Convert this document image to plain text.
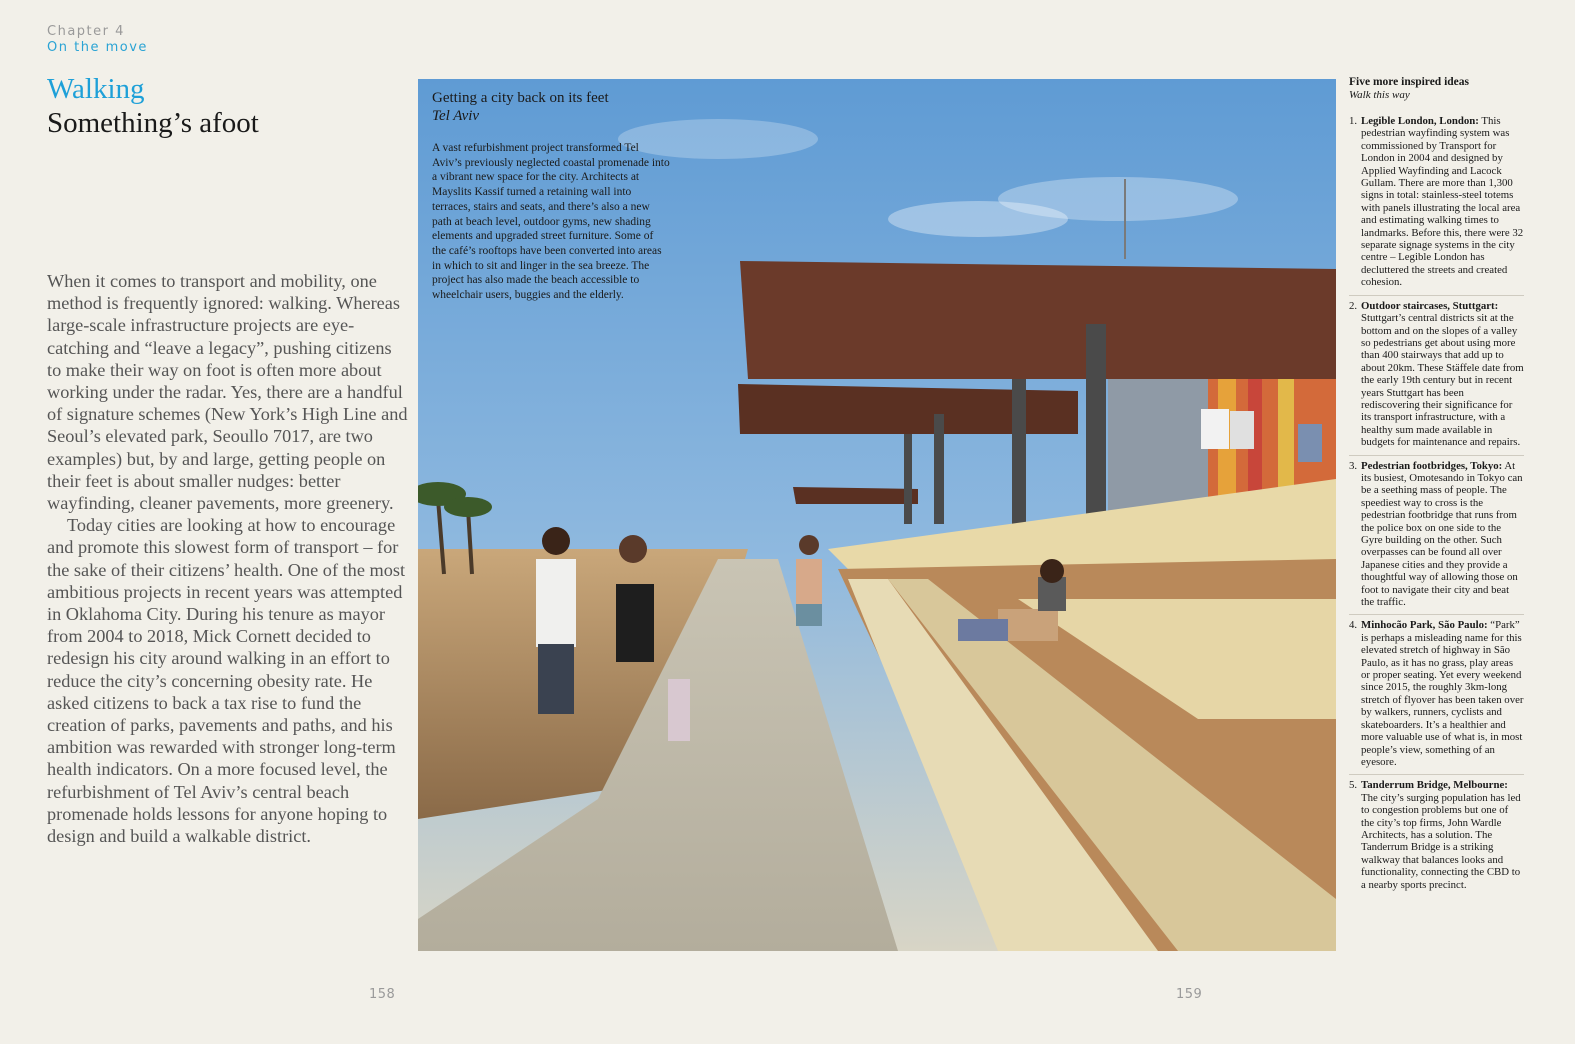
Chapter 4
On the move
Walking
Something’s afoot

When it comes to transport and mobility, one method is frequently ignored: walking. Whereas large-scale infrastructure projects are eye-catching and “leave a legacy”, pushing citizens to make their way on foot is often more about working under the radar. Yes, there are a handful of signature schemes (New York’s High Line and Seoul’s elevated park, Seoullo 7017, are two examples) but, by and large, getting people on their feet is about smaller nudges: better wayfinding, cleaner pavements, more greenery.

Today cities are looking at how to encourage and promote this slowest form of transport – for the sake of their citizens’ health. One of the most ambitious projects in recent years was attempted in Oklahoma City. During his tenure as mayor from 2004 to 2018, Mick Cornett decided to redesign his city around walking in an effort to reduce the city’s concerning obesity rate. He asked citizens to back a tax rise to fund the creation of parks, pavements and paths, and his ambition was rewarded with stronger long-term health indicators. On a more focused level, the refurbishment of Tel Aviv’s central beach promenade holds lessons for anyone hoping to design and build a walkable district.

Getting a city back on its feet
Tel Aviv
A vast refurbishment project transformed Tel Aviv’s previously neglected coastal promenade into a vibrant new space for the city. Architects at Mayslits Kassif turned a retaining wall into terraces, stairs and seats, and there’s also a new path at beach level, outdoor gyms, new shading elements and upgraded street furniture. Some of the café’s rooftops have been converted into areas in which to sit and linger in the sea breeze. The project has also made the beach accessible to wheelchair users, buggies and the elderly.
Five more inspired ideas
Walk this way
1. Legible London, London: This pedestrian wayfinding system was commissioned by Transport for London in 2004 and designed by Applied Wayfinding and Lacock Gullam. There are more than 1,300 signs in total: stainless-steel totems with panels illustrating the local area and estimating walking times to landmarks. Before this, there were 32 separate signage systems in the city centre – Legible London has decluttered the streets and created cohesion.
2. Outdoor staircases, Stuttgart: Stuttgart’s central districts sit at the bottom and on the slopes of a valley so pedestrians get about using more than 400 stairways that add up to about 20km. These Stäffele date from the early 19th century but in recent years Stuttgart has been rediscovering their significance for its transport infrastructure, with a healthy sum made available in budgets for maintenance and repairs.
3. Pedestrian footbridges, Tokyo: At its busiest, Omotesando in Tokyo can be a seething mass of people. The speediest way to cross is the pedestrian footbridge that runs from the police box on one side to the Gyre building on the other. Such overpasses can be found all over Japanese cities and they provide a thoughtful way of allowing those on foot to navigate their city and beat the traffic.
4. Minhocão Park, São Paulo: “Park” is perhaps a misleading name for this elevated stretch of highway in São Paulo, as it has no grass, play areas or proper seating. Yet every weekend since 2015, the roughly 3km-long stretch of flyover has been taken over by walkers, runners, cyclists and skateboarders. It’s a healthier and more valuable use of what is, in most people’s view, something of an eyesore.
5. Tanderrum Bridge, Melbourne: The city’s surging population has led to congestion problems but one of the city’s top firms, John Wardle Architects, has a solution. The Tanderrum Bridge is a striking walkway that balances looks and functionality, connecting the CBD to a nearby sports precinct.
158	159
